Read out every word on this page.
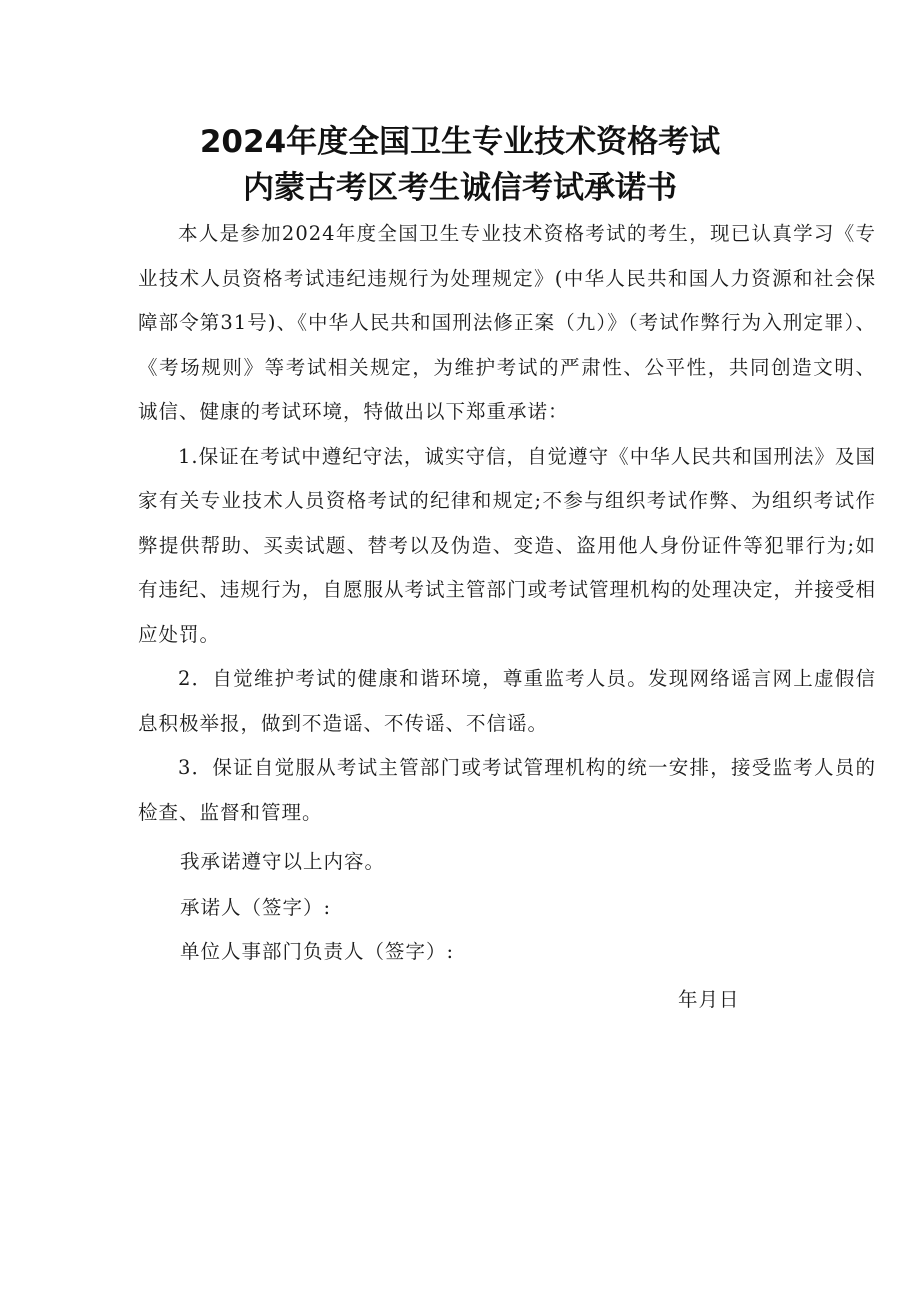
2024年度全国卫生专业技术资格考试
内蒙古考区考生诚信考试承诺书

本人是参加2024年度全国卫生专业技术资格考试的考生，现已认真学习《专业技术人员资格考试违纪违规行为处理规定》(中华人民共和国人力资源和社会保障部令第31号)、《中华人民共和国刑法修正案（九）》（考试作弊行为入刑定罪）、《考场规则》等考试相关规定，为维护考试的严肃性、公平性，共同创造文明、诚信、健康的考试环境，特做出以下郑重承诺：

1.保证在考试中遵纪守法，诚实守信，自觉遵守《中华人民共和国刑法》及国家有关专业技术人员资格考试的纪律和规定;不参与组织考试作弊、为组织考试作弊提供帮助、买卖试题、替考以及伪造、变造、盗用他人身份证件等犯罪行为;如有违纪、违规行为，自愿服从考试主管部门或考试管理机构的处理决定，并接受相应处罚。

2．自觉维护考试的健康和谐环境，尊重监考人员。发现网络谣言网上虚假信息积极举报，做到不造谣、不传谣、不信谣。

3．保证自觉服从考试主管部门或考试管理机构的统一安排，接受监考人员的检查、监督和管理。

我承诺遵守以上内容。
承诺人（签字）:
单位人事部门负责人（签字）:
年月日
